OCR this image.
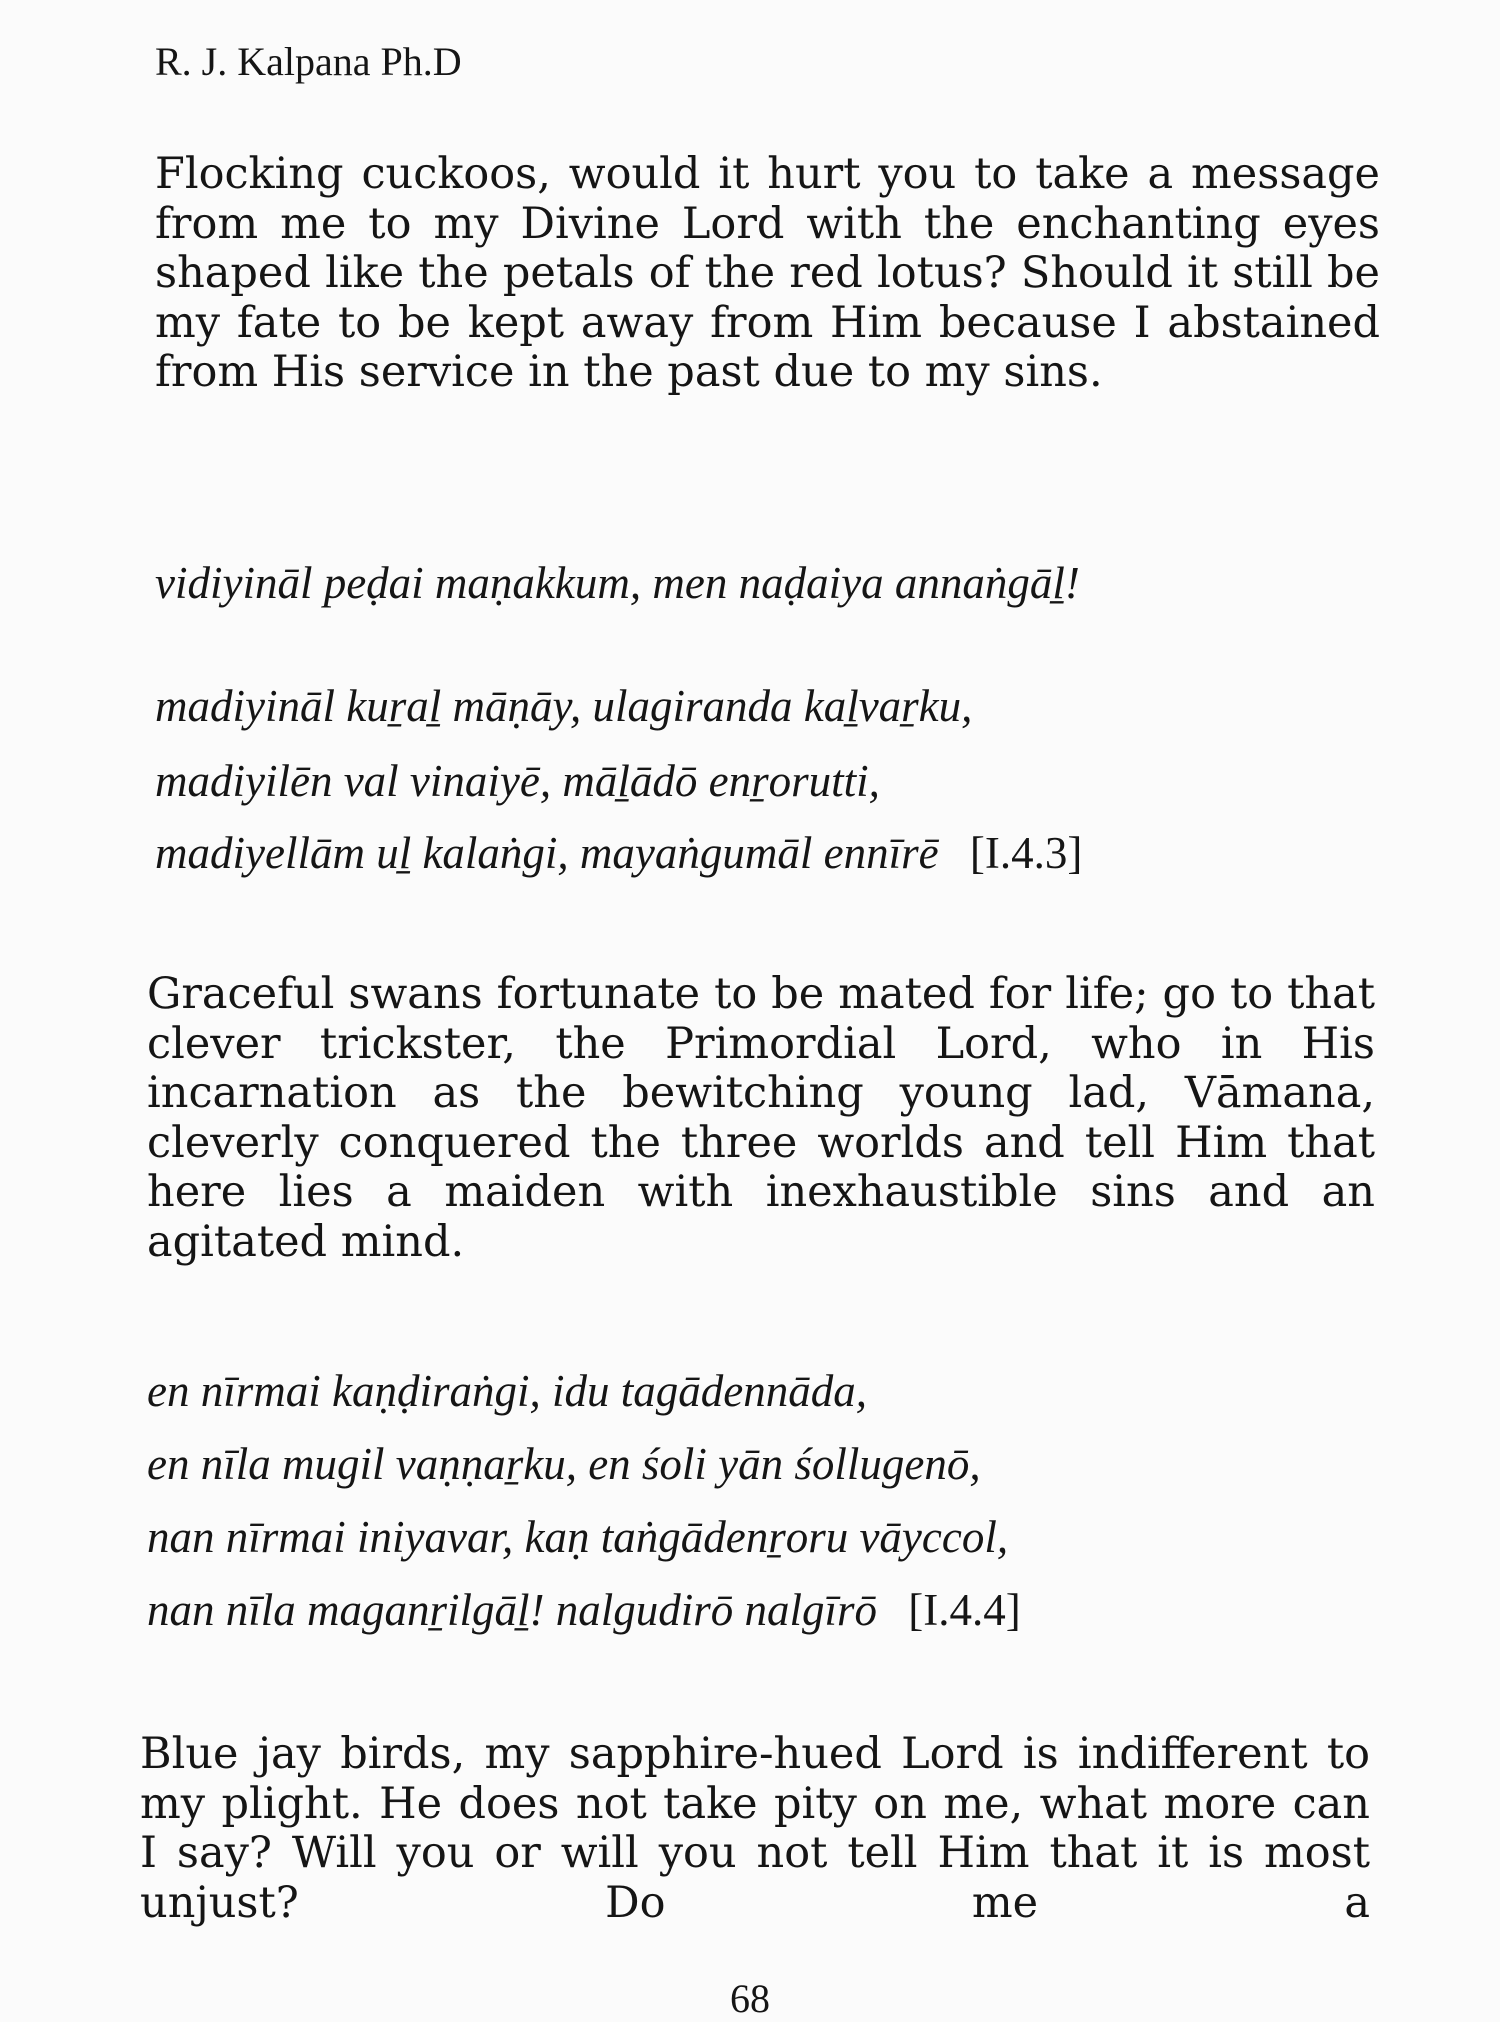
R. J. Kalpana Ph.D

Flocking cuckoos, would it hurt you to take a message from me to my Divine Lord with the enchanting eyes shaped like the petals of the red lotus? Should it still be my fate to be kept away from Him because I abstained from His service in the past due to my sins.

vidiyināl peḍai maṇakkum, men naḍaiya annaṅgāḻ!
madiyināl kuṟaḻ māṇāy, ulagiranda kaḻvaṟku,
madiyilēn val vinaiyē, māḻādō enṟorutti,
madiyellām uḻ kalaṅgi, mayaṅgumāl ennīrē [I.4.3]

Graceful swans fortunate to be mated for life; go to that clever trickster, the Primordial Lord, who in His incarnation as the bewitching young lad, Vāmana, cleverly conquered the three worlds and tell Him that here lies a maiden with inexhaustible sins and an agitated mind.

en nīrmai kaṇḍiraṅgi, idu tagādennāda,
en nīla mugil vaṇṇaṟku, en śoli yān śollugenō,
nan nīrmai iniyavar, kaṇ taṅgādenṟoru vāyccol,
nan nīla maganṟilgāḻ! nalgudirō nalgīrō [I.4.4]

Blue jay birds, my sapphire-hued Lord is indifferent to my plight. He does not take pity on me, what more can I say? Will you or will you not tell Him that it is most unjust? Do me a

68
